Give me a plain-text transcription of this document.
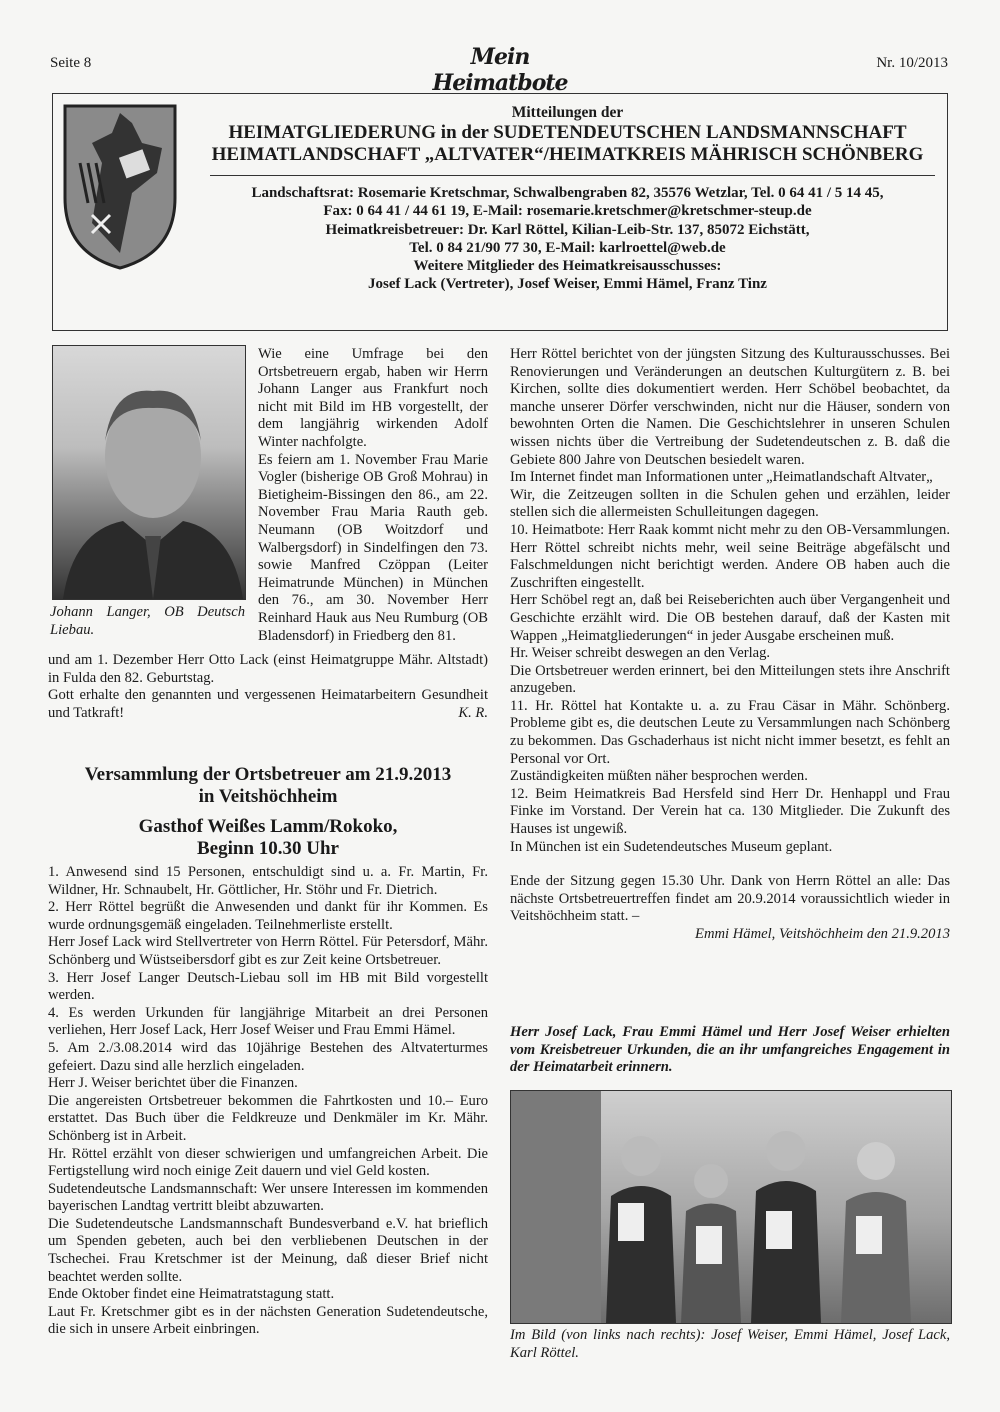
Seite 8	Mein Heimatbote
Nr. 10/2013
Mitteilungen der
HEIMATGLIEDERUNG in der SUDETENDEUTSCHEN LANDSMANNSCHAFT
HEIMATLANDSCHAFT „ALTVATER“/HEIMATKREIS MÄHRISCH SCHÖNBERG
Landschaftsrat: Rosemarie Kretschmar, Schwalbengraben 82, 35576 Wetzlar, Tel. 0 64 41 / 5 14 45,
Fax: 0 64 41 / 44 61 19, E-Mail: rosemarie.kretschmer@kretschmer-steup.de
Heimatkreisbetreuer: Dr. Karl Röttel, Kilian-Leib-Str. 137, 85072 Eichstätt,
Tel. 0 84 21/90 77 30, E-Mail: karlroettel@web.de
Weitere Mitglieder des Heimatkreisausschusses:
Josef Lack (Vertreter), Josef Weiser, Emmi Hämel, Franz Tinz
Johann Langer, OB Deutsch Liebau.

Wie eine Umfrage bei den Ortsbetreuern ergab, haben wir Herrn Johann Langer aus Frankfurt noch nicht mit Bild im HB vorgestellt, der dem langjährig wirkenden Adolf Winter nachfolgte.

Es feiern am 1. November Frau Marie Vogler (bisherige OB Groß Mohrau) in Bietigheim-Bissingen den 86., am 22. November Frau Maria Rauth geb. Neumann (OB Woitzdorf und Walbergsdorf) in Sindelfingen den 73. sowie Manfred Czöppan (Leiter Heimatrunde München) in München den 76., am 30. November Herr Reinhard Hauk aus Neu Rumburg (OB Bladensdorf) in Friedberg den 81.

und am 1. Dezember Herr Otto Lack (einst Heimatgruppe Mähr. Altstadt) in Fulda den 82. Geburtstag.

Gott erhalte den genannten und vergessenen Heimatarbeitern Gesundheit und Tatkraft!	K. R.

Versammlung der Ortsbetreuer am 21.9.2013
in Veitshöchheim
Gasthof Weißes Lamm/Rokoko,
Beginn 10.30 Uhr

1. Anwesend sind 15 Personen, entschuldigt sind u. a. Fr. Martin, Fr. Wildner, Hr. Schnaubelt, Hr. Göttlicher, Hr. Stöhr und Fr. Dietrich.

2. Herr Röttel begrüßt die Anwesenden und dankt für ihr Kommen. Es wurde ordnungsgemäß eingeladen. Teilnehmerliste erstellt.

Herr Josef Lack wird Stellvertreter von Herrn Röttel. Für Petersdorf, Mähr. Schönberg und Wüstseibersdorf gibt es zur Zeit keine Ortsbetreuer.

3. Herr Josef Langer Deutsch-Liebau soll im HB mit Bild vorgestellt werden.

4. Es werden Urkunden für langjährige Mitarbeit an drei Personen verliehen, Herr Josef Lack, Herr Josef Weiser und Frau Emmi Hämel.

5. Am 2./3.08.2014 wird das 10jährige Bestehen des Altvaterturmes gefeiert. Dazu sind alle herzlich eingeladen.

Herr J. Weiser berichtet über die Finanzen.

Die angereisten Ortsbetreuer bekommen die Fahrtkosten und 10.– Euro erstattet. Das Buch über die Feldkreuze und Denkmäler im Kr. Mähr. Schönberg ist in Arbeit.

Hr. Röttel erzählt von dieser schwierigen und umfangreichen Arbeit. Die Fertigstellung wird noch einige Zeit dauern und viel Geld kosten.

Sudetendeutsche Landsmannschaft: Wer unsere Interessen im kommenden bayerischen Landtag vertritt bleibt abzuwarten.

Die Sudetendeutsche Landsmannschaft Bundesverband e.V. hat brieflich um Spenden gebeten, auch bei den verbliebenen Deutschen in der Tschechei. Frau Kretschmer ist der Meinung, daß dieser Brief nicht beachtet werden sollte.

Ende Oktober findet eine Heimatratstagung statt.

Laut Fr. Kretschmer gibt es in der nächsten Generation Sudetendeutsche, die sich in unsere Arbeit einbringen.

Herr Röttel berichtet von der jüngsten Sitzung des Kulturausschusses. Bei Renovierungen und Veränderungen an deutschen Kulturgütern z. B. bei Kirchen, sollte dies dokumentiert werden. Herr Schöbel beobachtet, da manche unserer Dörfer verschwinden, nicht nur die Häuser, sondern von bewohnten Orten die Namen. Die Geschichtslehrer in unseren Schulen wissen nichts über die Vertreibung der Sudetendeutschen z. B. daß die Gebiete 800 Jahre von Deutschen besiedelt waren.

Im Internet findet man Informationen unter „Heimatlandschaft Altvater„

Wir, die Zeitzeugen sollten in die Schulen gehen und erzählen, leider stellen sich die allermeisten Schulleitungen dagegen.

10. Heimatbote: Herr Raak kommt nicht mehr zu den OB-Versammlungen. Herr Röttel schreibt nichts mehr, weil seine Beiträge abgefälscht und Falschmeldungen nicht berichtigt werden. Andere OB haben auch die Zuschriften eingestellt.

Herr Schöbel regt an, daß bei Reiseberichten auch über Vergangenheit und Geschichte erzählt wird. Die OB bestehen darauf, daß der Kasten mit Wappen „Heimatgliederungen“ in jeder Ausgabe erscheinen muß.

Hr. Weiser schreibt deswegen an den Verlag.

Die Ortsbetreuer werden erinnert, bei den Mitteilungen stets ihre Anschrift anzugeben.

11. Hr. Röttel hat Kontakte u. a. zu Frau Cäsar in Mähr. Schönberg. Probleme gibt es, die deutschen Leute zu Versammlungen nach Schönberg zu bekommen. Das Gschaderhaus ist nicht nicht immer besetzt, es fehlt an Personal vor Ort.

Zuständigkeiten müßten näher besprochen werden.

12. Beim Heimatkreis Bad Hersfeld sind Herr Dr. Henhappl und Frau Finke im Vorstand. Der Verein hat ca. 130 Mitglieder. Die Zukunft des Hauses ist ungewiß.

In München ist ein Sudetendeutsches Museum geplant.

Ende der Sitzung gegen 15.30 Uhr. Dank von Herrn Röttel an alle: Das nächste Ortsbetreuertreffen findet am 20.9.2014 voraussichtlich wieder in Veitshöchheim statt. –

Emmi Hämel, Veitshöchheim den 21.9.2013

Herr Josef Lack, Frau Emmi Hämel und Herr Josef Weiser erhielten vom Kreisbetreuer Urkunden, die an ihr umfangreiches Engagement in der Heimatarbeit erinnern.
Im Bild (von links nach rechts): Josef Weiser, Emmi Hämel, Josef Lack, Karl Röttel.
